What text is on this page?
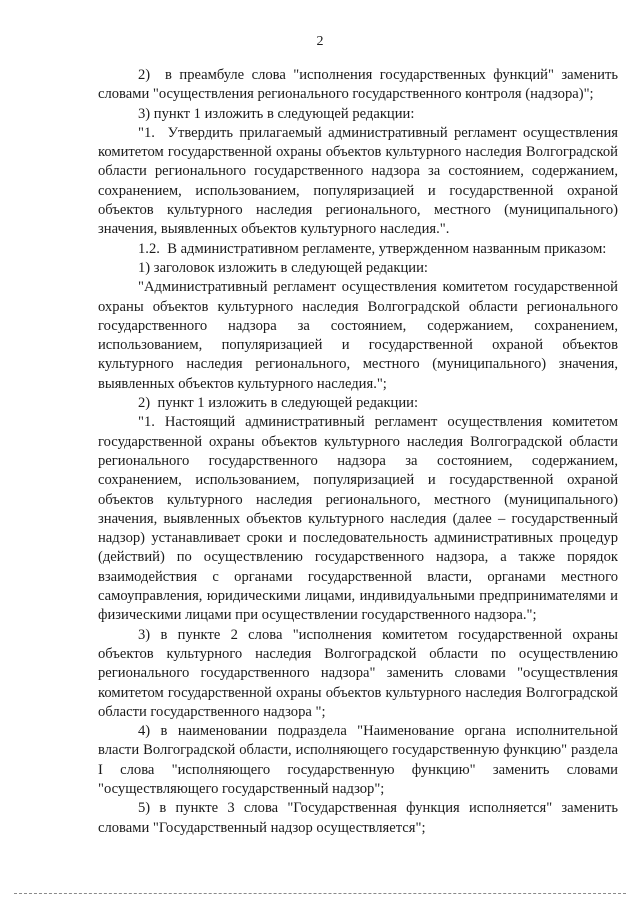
2

2)  в преамбуле слова "исполнения государственных функций" заменить словами "осуществления регионального государственного контроля (надзора)";

3) пункт 1 изложить в следующей редакции:

"1.  Утвердить прилагаемый административный регламент осуществления комитетом государственной охраны объектов культурного наследия Волгоградской области регионального государственного надзора за состоянием, содержанием, сохранением, использованием, популяризацией и государственной охраной объектов культурного наследия регионального, местного (муниципального) значения, выявленных объектов культурного наследия.".

1.2.  В административном регламенте, утвержденном названным приказом:

1) заголовок изложить в следующей редакции:

"Административный регламент осуществления комитетом государственной охраны объектов культурного наследия Волгоградской области регионального государственного надзора за состоянием, содержанием, сохранением, использованием, популяризацией и государственной охраной объектов культурного наследия регионального, местного (муниципального) значения, выявленных объектов культурного наследия.";

2)  пункт 1 изложить в следующей редакции:

"1. Настоящий административный регламент осуществления комитетом государственной охраны объектов культурного наследия Волгоградской области регионального государственного надзора за состоянием, содержанием, сохранением, использованием, популяризацией и государственной охраной объектов культурного наследия регионального, местного (муниципального) значения, выявленных объектов культурного наследия (далее – государственный надзор) устанавливает сроки и последовательность административных процедур (действий) по осуществлению государственного надзора, а также порядок взаимодействия с органами государственной власти, органами местного самоуправления, юридическими лицами, индивидуальными предпринимателями и физическими лицами при осуществлении государственного надзора.";

3) в пункте 2 слова "исполнения комитетом государственной охраны объектов культурного наследия Волгоградской области по осуществлению регионального государственного надзора" заменить словами "осуществления комитетом государственной охраны объектов культурного наследия Волгоградской области государственного надзора ";

4) в наименовании подраздела "Наименование органа исполнительной власти Волгоградской области, исполняющего государственную функцию" раздела I слова "исполняющего государственную функцию" заменить словами "осуществляющего государственный надзор";

5) в пункте 3 слова "Государственная функция исполняется" заменить словами "Государственный надзор осуществляется";
